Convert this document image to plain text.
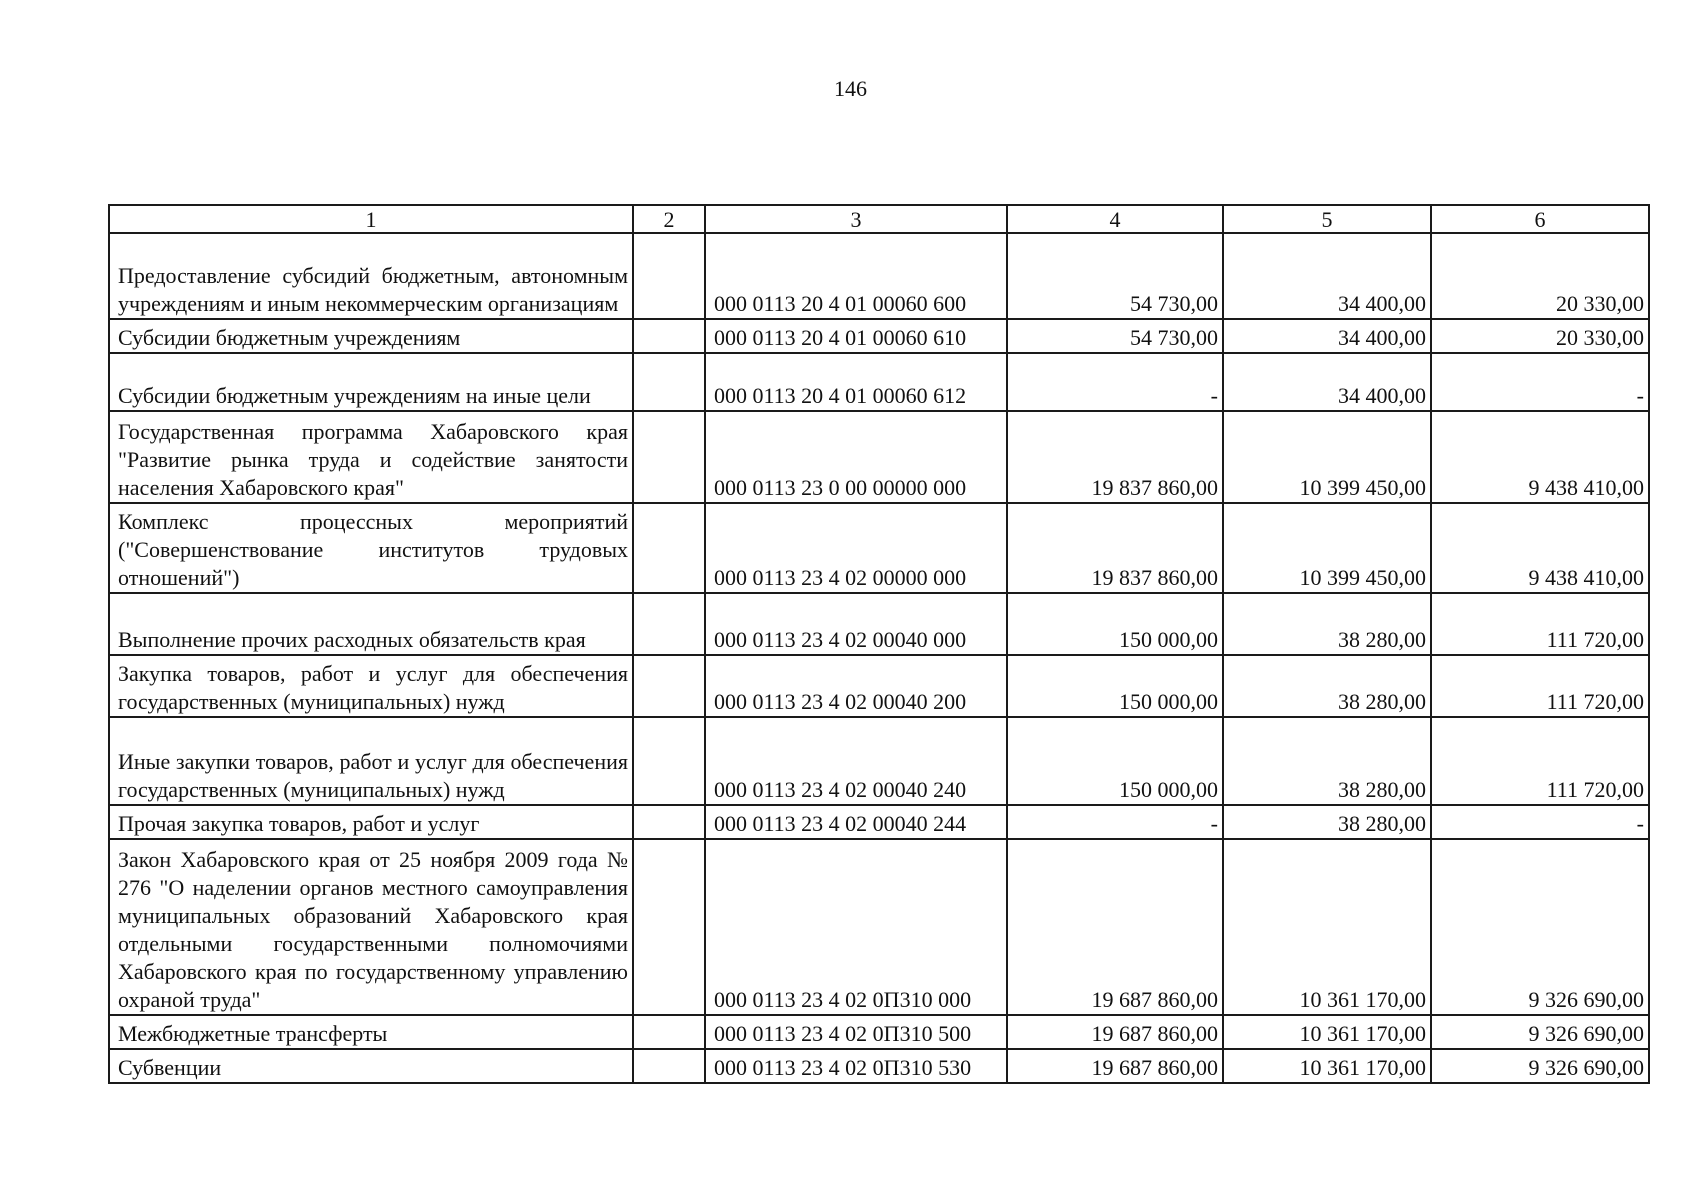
146
1	2	3	4	5	6
Предоставление субсидий бюджетным, автономным учреждениям и иным некоммерческим организациям		000 0113 20 4 01 00060 600	54 730,00	34 400,00	20 330,00
Субсидии бюджетным учреждениям		000 0113 20 4 01 00060 610	54 730,00	34 400,00	20 330,00
Субсидии бюджетным учреждениям на иные цели		000 0113 20 4 01 00060 612	-	34 400,00	-
Государственная программа Хабаровского края "Развитие рынка труда и содействие занятости населения Хабаровского края"		000 0113 23 0 00 00000 000	19 837 860,00	10 399 450,00	9 438 410,00
Комплекс процессных мероприятий ("Совершенствование институтов трудовых отношений")		000 0113 23 4 02 00000 000	19 837 860,00	10 399 450,00	9 438 410,00
Выполнение прочих расходных обязательств края		000 0113 23 4 02 00040 000	150 000,00	38 280,00	111 720,00
Закупка товаров, работ и услуг для обеспечения государственных (муниципальных) нужд		000 0113 23 4 02 00040 200	150 000,00	38 280,00	111 720,00
Иные закупки товаров, работ и услуг для обеспечения государственных (муниципальных) нужд		000 0113 23 4 02 00040 240	150 000,00	38 280,00	111 720,00
Прочая закупка товаров, работ и услуг		000 0113 23 4 02 00040 244	-	38 280,00	-
Закон Хабаровского края от 25 ноября 2009 года № 276 "О наделении органов местного самоуправления муниципальных образований Хабаровского края отдельными государственными полномочиями Хабаровского края по государственному управлению охраной труда"		000 0113 23 4 02 0П310 000	19 687 860,00	10 361 170,00	9 326 690,00
Межбюджетные трансферты		000 0113 23 4 02 0П310 500	19 687 860,00	10 361 170,00	9 326 690,00
Субвенции		000 0113 23 4 02 0П310 530	19 687 860,00	10 361 170,00	9 326 690,00
